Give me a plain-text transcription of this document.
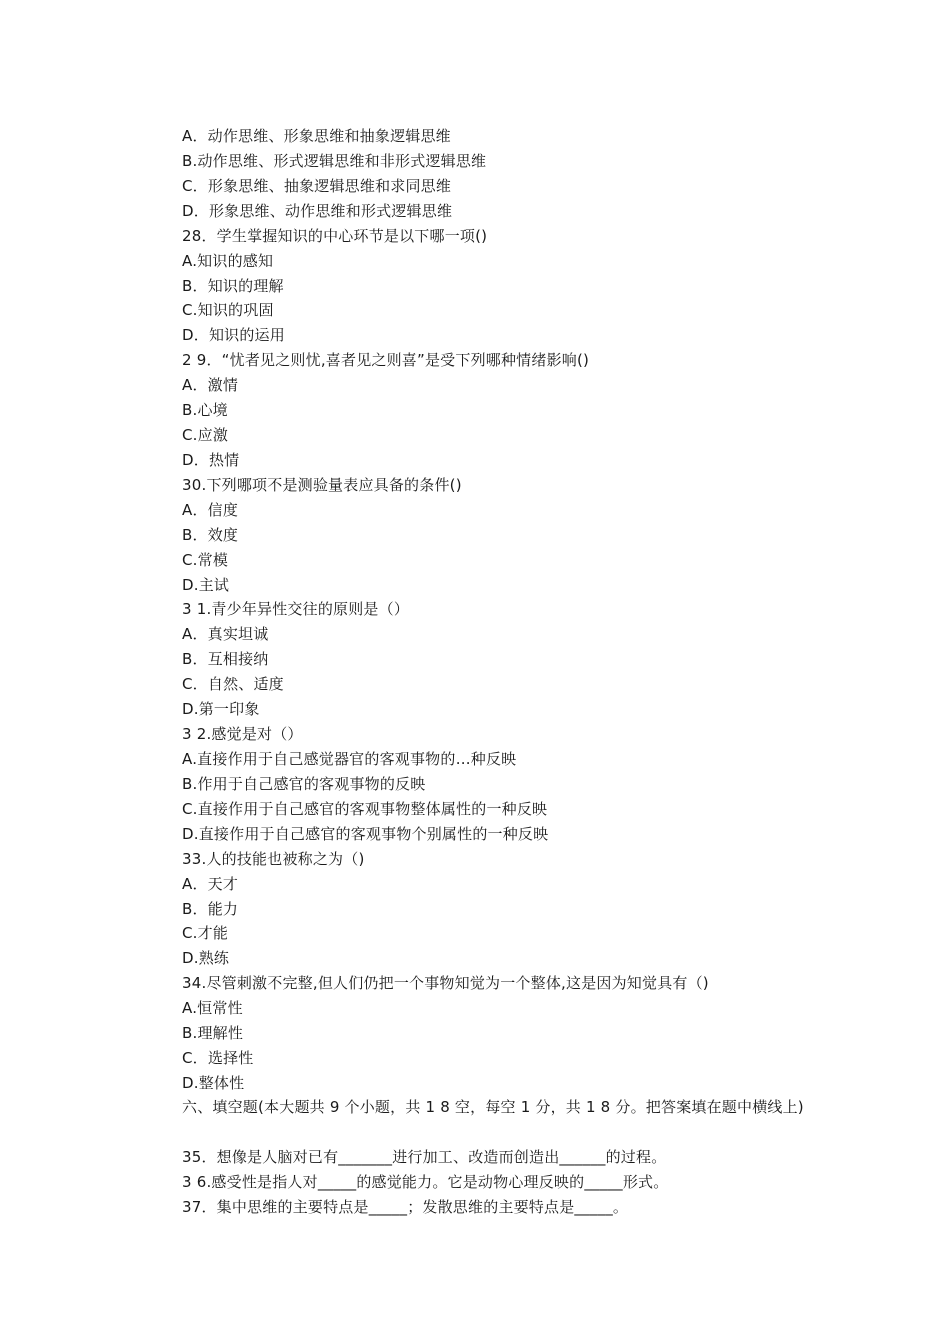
A．动作思维、形象思维和抽象逻辑思维
B.动作思维、形式逻辑思维和非形式逻辑思维
C．形象思维、抽象逻辑思维和求同思维
D．形象思维、动作思维和形式逻辑思维
28．学生掌握知识的中心环节是以下哪一项()
A.知识的感知
B．知识的理解
C.知识的巩固
D．知识的运用
2 9．“忧者见之则忧,喜者见之则喜”是受下列哪种情绪影响()
A．激情
B.心境
C.应激
D．热情
30.下列哪项不是测验量表应具备的条件()
A．信度
B．效度
C.常模
D.主试
3 1.青少年异性交往的原则是（）
A．真实坦诚
B．互相接纳
C．自然、适度
D.第一印象
3 2.感觉是对（）
A.直接作用于自己感觉器官的客观事物的…种反映
B.作用于自己感官的客观事物的反映
C.直接作用于自己感官的客观事物整体属性的一种反映
D.直接作用于自己感官的客观事物个别属性的一种反映
33.人的技能也被称之为（)
A．天才
B．能力
C.才能
D.熟练
34.尽管刺激不完整,但人们仍把一个事物知觉为一个整体,这是因为知觉具有（)
A.恒常性
B.理解性
C．选择性
D.整体性
六、填空题(本大题共 9 个小题，共 1 8 空，每空 1 分，共 1 8 分。把答案填在题中横线上)
35．想像是人脑对已有_______进行加工、改造而创造出______的过程。
3 6.感受性是指人对_____的感觉能力。它是动物心理反映的_____形式。
37．集中思维的主要特点是_____；发散思维的主要特点是_____。
